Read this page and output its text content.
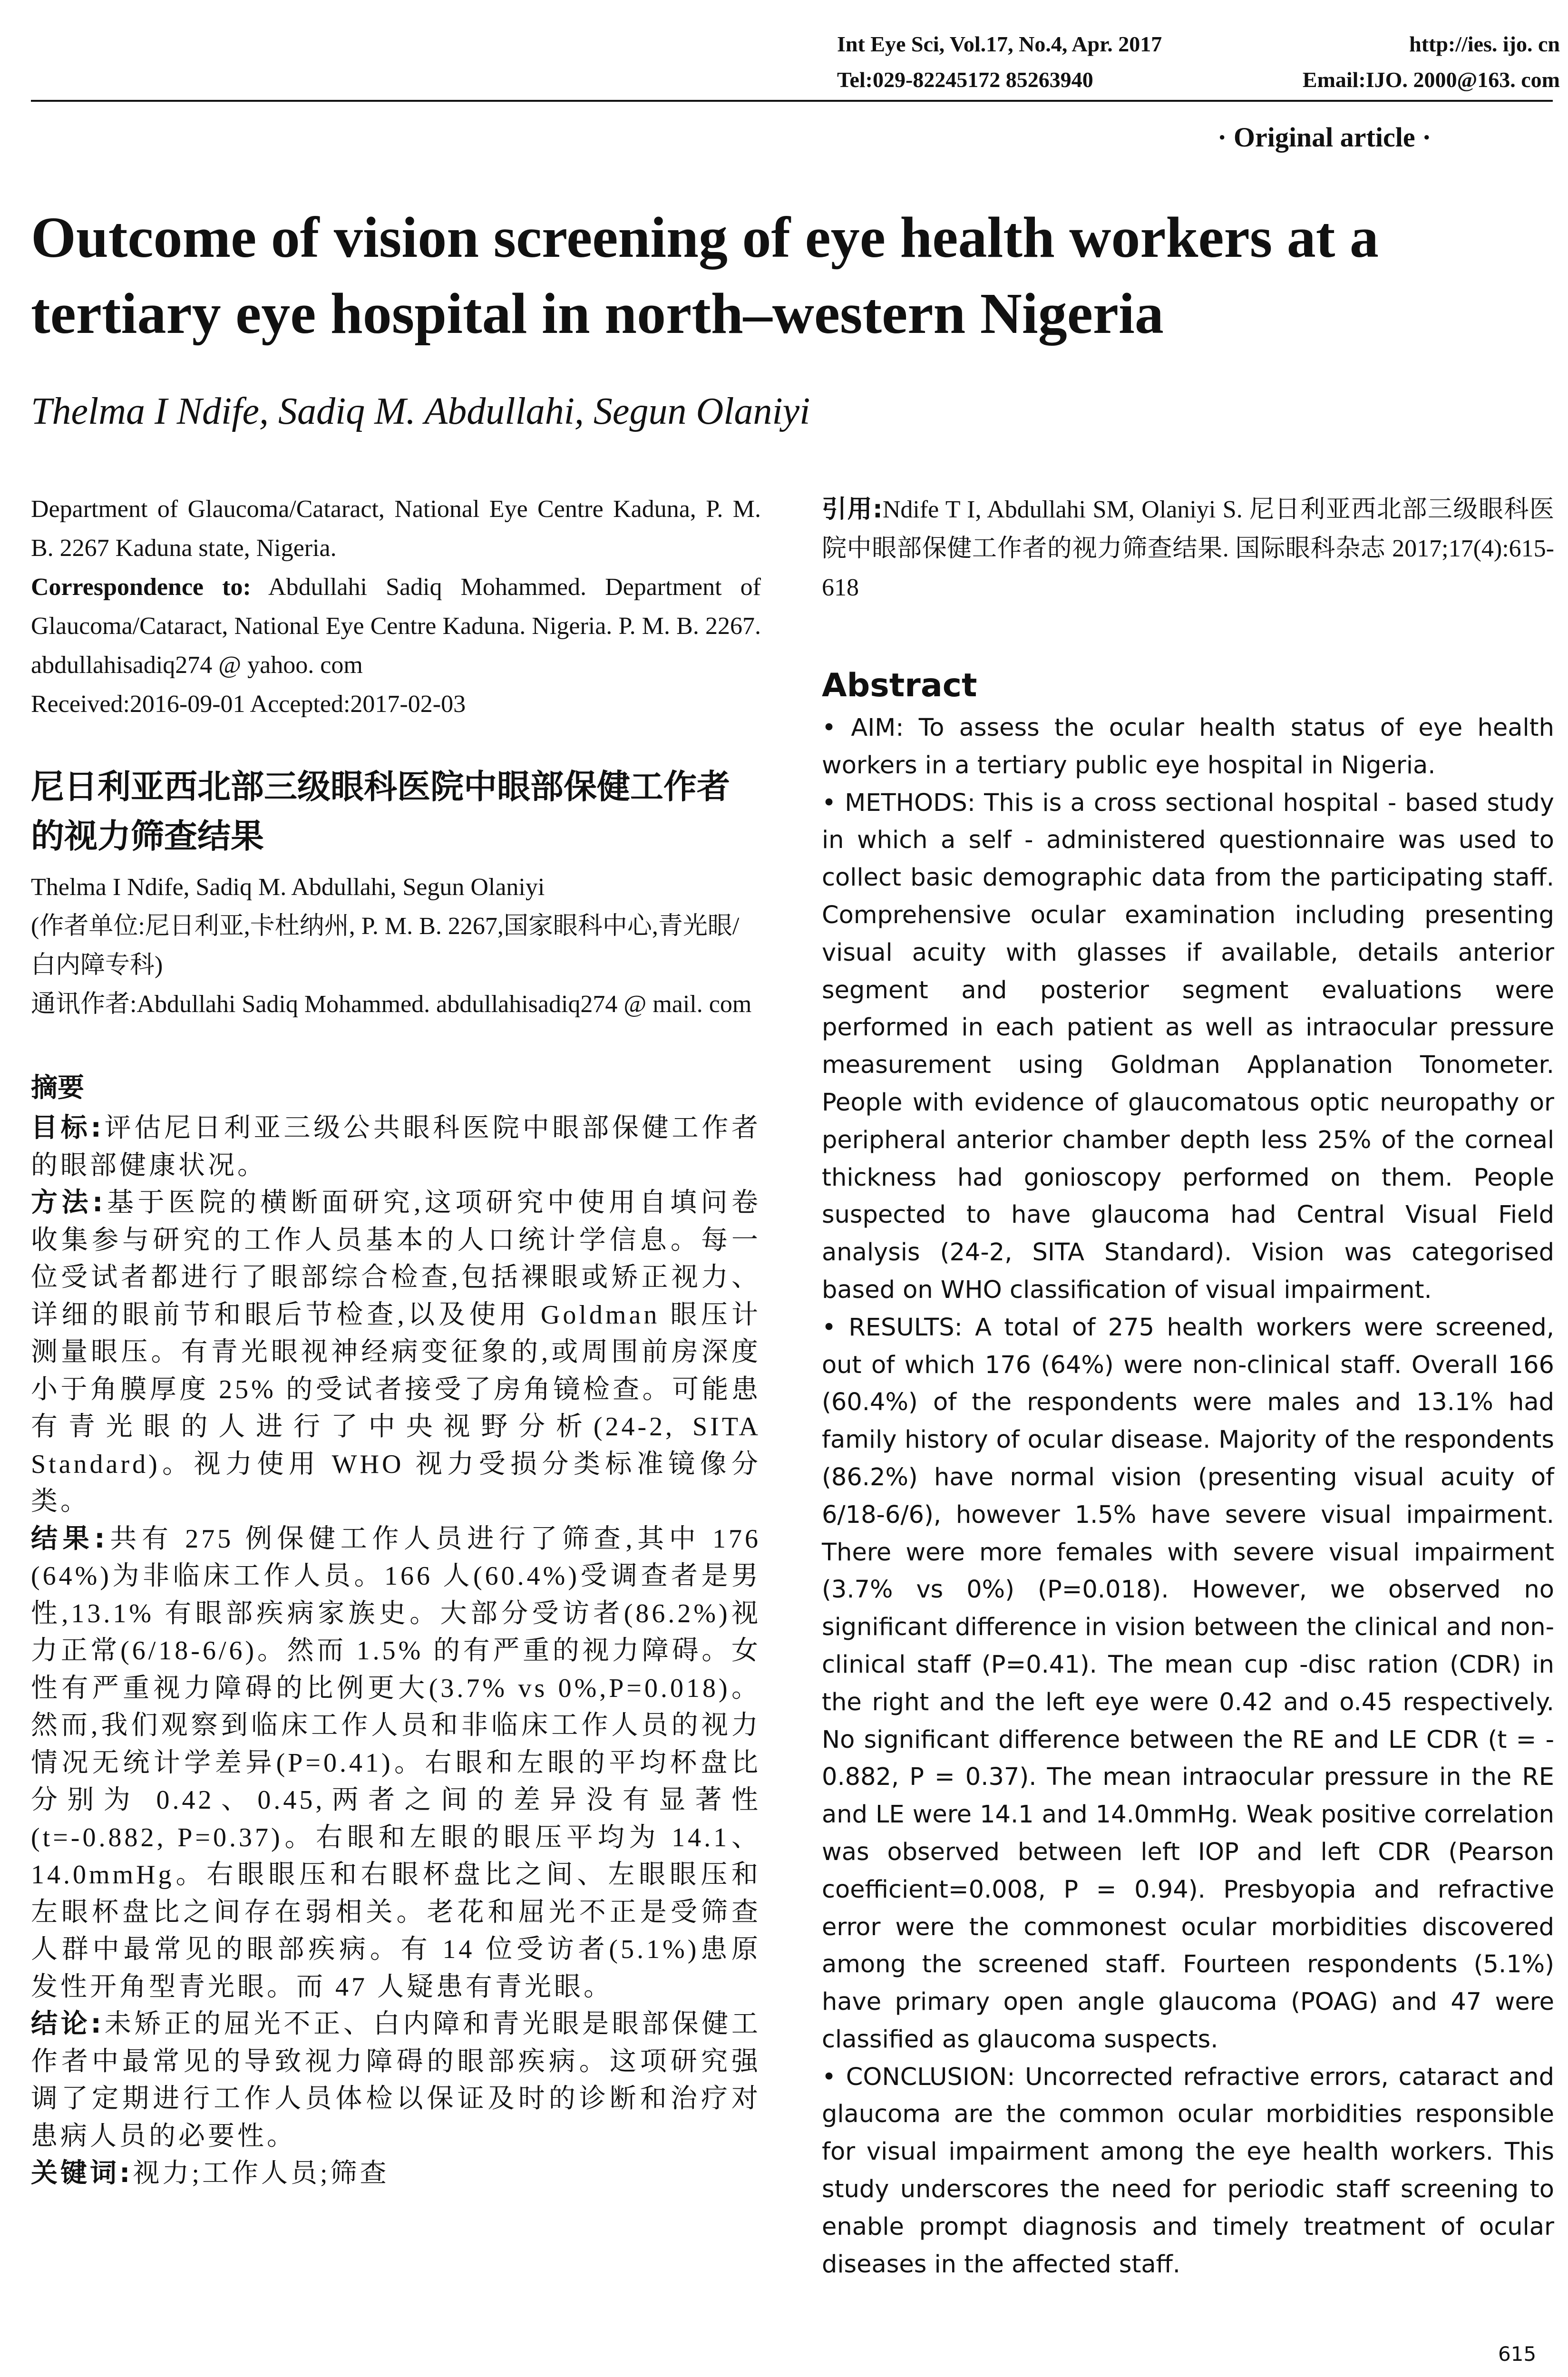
Int Eye Sci, Vol.17, No.4, Apr. 2017	http://ies. ijo. cn
Tel:029-82245172 85263940	Email:IJO. 2000@163. com
· Original article ·
Outcome of vision screening of eye health workers at a tertiary eye hospital in north–western Nigeria
Thelma I Ndife, Sadiq M. Abdullahi, Segun Olaniyi

Department of Glaucoma/Cataract, National Eye Centre Kaduna, P. M. B. 2267 Kaduna state, Nigeria.

Correspondence to: Abdullahi Sadiq Mohammed. Department of Glaucoma/Cataract, National Eye Centre Kaduna. Nigeria. P. M. B. 2267. abdullahisadiq274 @ yahoo. com

Received:2016-09-01 Accepted:2017-02-03

尼日利亚西北部三级眼科医院中眼部保健工作者的视力筛查结果

Thelma I Ndife, Sadiq M. Abdullahi, Segun Olaniyi

(作者单位:尼日利亚,卡杜纳州, P. M. B. 2267,国家眼科中心,青光眼/白内障专科)

通讯作者:Abdullahi Sadiq Mohammed. abdullahisadiq274 @ mail. com

摘要

目标:评估尼日利亚三级公共眼科医院中眼部保健工作者的眼部健康状况。

方法:基于医院的横断面研究,这项研究中使用自填问卷收集参与研究的工作人员基本的人口统计学信息。每一位受试者都进行了眼部综合检查,包括裸眼或矫正视力、详细的眼前节和眼后节检查,以及使用 Goldman 眼压计测量眼压。有青光眼视神经病变征象的,或周围前房深度小于角膜厚度 25% 的受试者接受了房角镜检查。可能患有青光眼的人进行了中央视野分析(24-2, SITA Standard)。视力使用 WHO 视力受损分类标准镜像分类。

结果:共有 275 例保健工作人员进行了筛查,其中 176 (64%)为非临床工作人员。166 人(60.4%)受调查者是男性,13.1% 有眼部疾病家族史。大部分受访者(86.2%)视力正常(6/18-6/6)。然而 1.5% 的有严重的视力障碍。女性有严重视力障碍的比例更大(3.7% vs 0%,P=0.018)。然而,我们观察到临床工作人员和非临床工作人员的视力情况无统计学差异(P=0.41)。右眼和左眼的平均杯盘比分别为 0.42、0.45,两者之间的差异没有显著性(t=-0.882, P=0.37)。右眼和左眼的眼压平均为 14.1、14.0mmHg。右眼眼压和右眼杯盘比之间、左眼眼压和左眼杯盘比之间存在弱相关。老花和屈光不正是受筛查人群中最常见的眼部疾病。有 14 位受访者(5.1%)患原发性开角型青光眼。而 47 人疑患有青光眼。

结论:未矫正的屈光不正、白内障和青光眼是眼部保健工作者中最常见的导致视力障碍的眼部疾病。这项研究强调了定期进行工作人员体检以保证及时的诊断和治疗对患病人员的必要性。

关键词:视力;工作人员;筛查

引用:Ndife T I, Abdullahi SM, Olaniyi S. 尼日利亚西北部三级眼科医院中眼部保健工作者的视力筛查结果. 国际眼科杂志 2017;17(4):615-618

Abstract

• AIM: To assess the ocular health status of eye health workers in a tertiary public eye hospital in Nigeria.

• METHODS: This is a cross sectional hospital - based study in which a self - administered questionnaire was used to collect basic demographic data from the participating staff. Comprehensive ocular examination including presenting visual acuity with glasses if available, details anterior segment and posterior segment evaluations were performed in each patient as well as intraocular pressure measurement using Goldman Applanation Tonometer. People with evidence of glaucomatous optic neuropathy or peripheral anterior chamber depth less 25% of the corneal thickness had gonioscopy performed on them. People suspected to have glaucoma had Central Visual Field analysis (24-2, SITA Standard). Vision was categorised based on WHO classification of visual impairment.

• RESULTS: A total of 275 health workers were screened, out of which 176 (64%) were non-clinical staff. Overall 166 (60.4%) of the respondents were males and 13.1% had family history of ocular disease. Majority of the respondents (86.2%) have normal vision (presenting visual acuity of 6/18-6/6), however 1.5% have severe visual impairment. There were more females with severe visual impairment (3.7% vs 0%) (P=0.018). However, we observed no significant difference in vision between the clinical and non-clinical staff (P=0.41). The mean cup -disc ration (CDR) in the right and the left eye were 0.42 and o.45 respectively. No significant difference between the RE and LE CDR (t = - 0.882, P = 0.37). The mean intraocular pressure in the RE and LE were 14.1 and 14.0mmHg. Weak positive correlation was observed between left IOP and left CDR (Pearson coefficient=0.008, P = 0.94). Presbyopia and refractive error were the commonest ocular morbidities discovered among the screened staff. Fourteen respondents (5.1%) have primary open angle glaucoma (POAG) and 47 were classified as glaucoma suspects.

• CONCLUSION: Uncorrected refractive errors, cataract and glaucoma are the common ocular morbidities responsible for visual impairment among the eye health workers. This study underscores the need for periodic staff screening to enable prompt diagnosis and timely treatment of ocular diseases in the affected staff.

615
